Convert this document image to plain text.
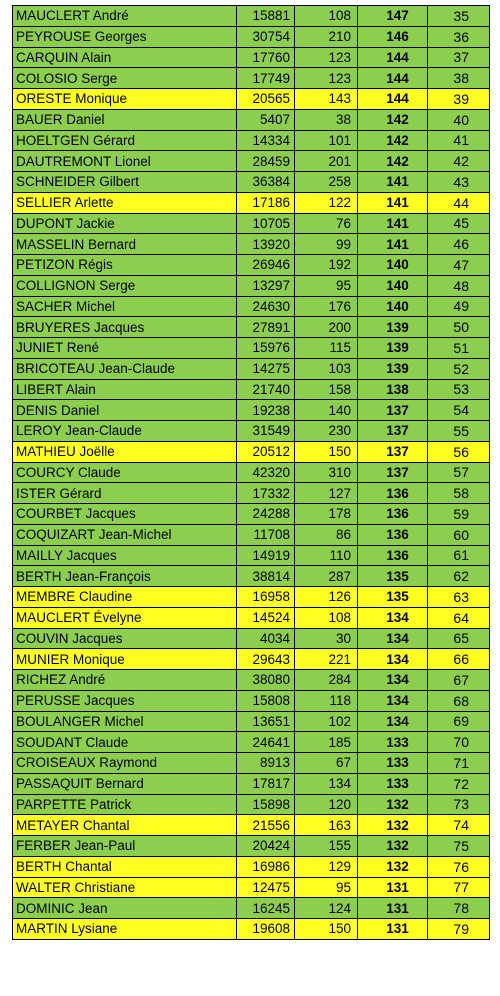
MAUCLERT André	15881	108	147	35
PEYROUSE Georges	30754	210	146	36
CARQUIN Alain	17760	123	144	37
COLOSIO Serge	17749	123	144	38
ORESTE Monique	20565	143	144	39
BAUER Daniel	5407	38	142	40
HOELTGEN Gérard	14334	101	142	41
DAUTREMONT Lionel	28459	201	142	42
SCHNEIDER Gilbert	36384	258	141	43
SELLIER Arlette	17186	122	141	44
DUPONT Jackie	10705	76	141	45
MASSELIN Bernard	13920	99	141	46
PETIZON Régis	26946	192	140	47
COLLIGNON Serge	13297	95	140	48
SACHER Michel	24630	176	140	49
BRUYERES Jacques	27891	200	139	50
JUNIET René	15976	115	139	51
BRICOTEAU Jean-Claude	14275	103	139	52
LIBERT Alain	21740	158	138	53
DENIS Daniel	19238	140	137	54
LEROY Jean-Claude	31549	230	137	55
MATHIEU Joëlle	20512	150	137	56
COURCY Claude	42320	310	137	57
ISTER Gérard	17332	127	136	58
COURBET Jacques	24288	178	136	59
COQUIZART Jean-Michel	11708	86	136	60
MAILLY Jacques	14919	110	136	61
BERTH Jean-François	38814	287	135	62
MEMBRE Claudine	16958	126	135	63
MAUCLERT Évelyne	14524	108	134	64
COUVIN Jacques	4034	30	134	65
MUNIER Monique	29643	221	134	66
RICHEZ André	38080	284	134	67
PERUSSE Jacques	15808	118	134	68
BOULANGER Michel	13651	102	134	69
SOUDANT Claude	24641	185	133	70
CROISEAUX Raymond	8913	67	133	71
PASSAQUIT Bernard	17817	134	133	72
PARPETTE Patrick	15898	120	132	73
METAYER Chantal	21556	163	132	74
FERBER Jean-Paul	20424	155	132	75
BERTH Chantal	16986	129	132	76
WALTER Christiane	12475	95	131	77
DOMINIC Jean	16245	124	131	78
MARTIN Lysiane	19608	150	131	79
